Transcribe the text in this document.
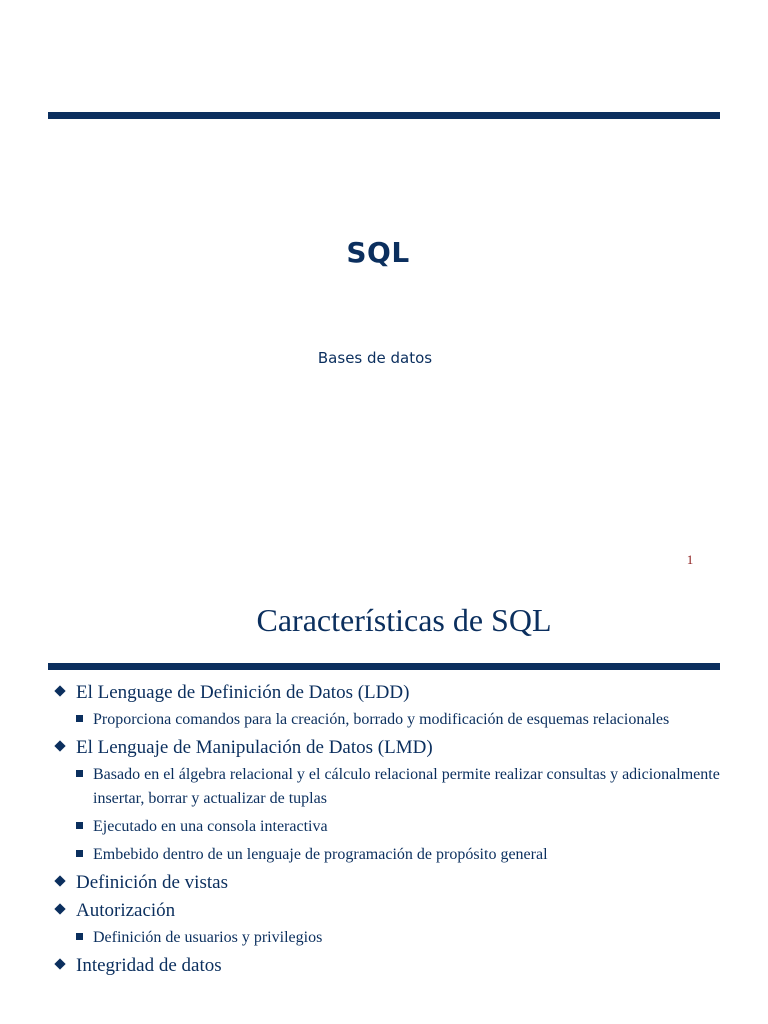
SQL
Bases de datos
1
Características de SQL
El Lenguage de Definición de Datos (LDD)
Proporciona comandos para la creación, borrado y modificación de esquemas relacionales
El Lenguaje de Manipulación de Datos (LMD)
Basado en el álgebra relacional y el cálculo relacional permite realizar consultas y adicionalmente insertar, borrar y actualizar de tuplas
Ejecutado en una consola interactiva
Embebido dentro de un lenguaje de programación de propósito general
Definición de vistas
Autorización
Definición de usuarios y privilegios
Integridad de datos
